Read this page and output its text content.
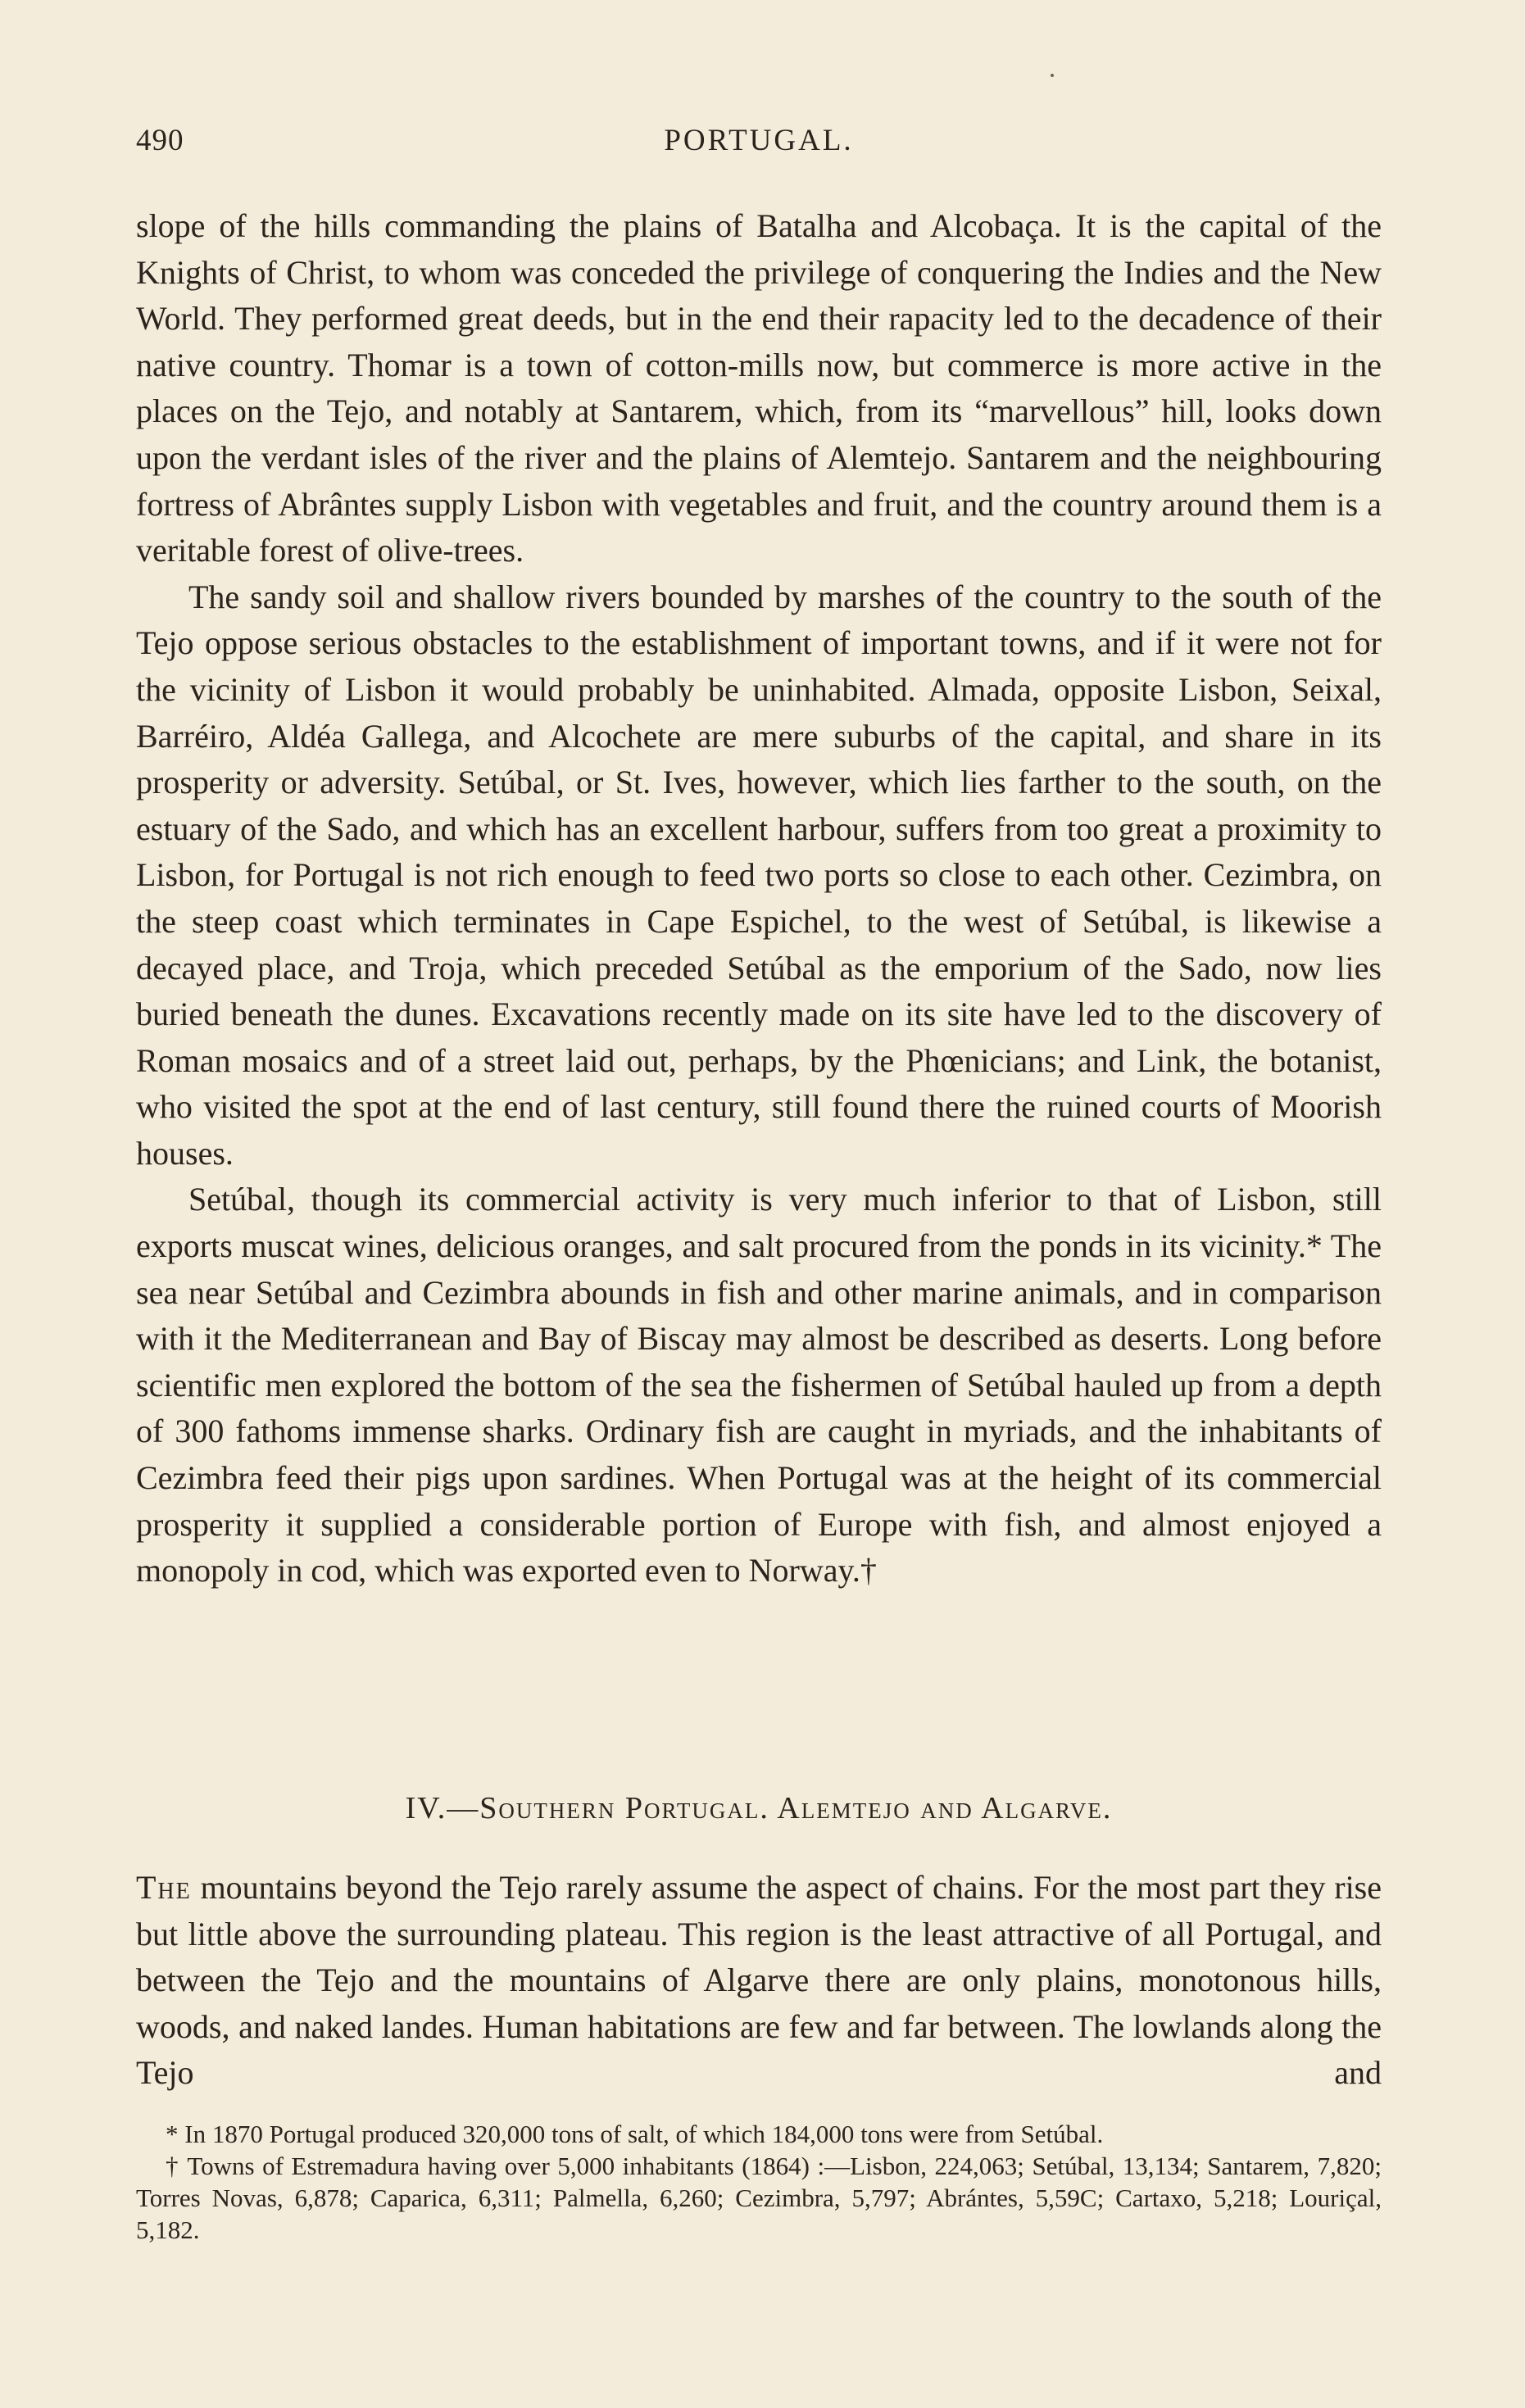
490	PORTUGAL.

slope of the hills commanding the plains of Batalha and Alcobaça. It is the capital of the Knights of Christ, to whom was conceded the privilege of conquering the Indies and the New World. They performed great deeds, but in the end their rapacity led to the decadence of their native country. Thomar is a town of cotton-mills now, but commerce is more active in the places on the Tejo, and notably at Santarem, which, from its “marvellous” hill, looks down upon the verdant isles of the river and the plains of Alemtejo. Santarem and the neighbouring fortress of Abrântes supply Lisbon with vegetables and fruit, and the country around them is a veritable forest of olive-trees.

The sandy soil and shallow rivers bounded by marshes of the country to the south of the Tejo oppose serious obstacles to the establishment of important towns, and if it were not for the vicinity of Lisbon it would probably be uninhabited. Almada, opposite Lisbon, Seixal, Barréiro, Aldéa Gallega, and Alcochete are mere suburbs of the capital, and share in its prosperity or adversity. Setúbal, or St. Ives, however, which lies farther to the south, on the estuary of the Sado, and which has an excellent harbour, suffers from too great a proximity to Lisbon, for Portugal is not rich enough to feed two ports so close to each other. Cezimbra, on the steep coast which terminates in Cape Espichel, to the west of Setúbal, is likewise a decayed place, and Troja, which preceded Setúbal as the emporium of the Sado, now lies buried beneath the dunes. Excavations recently made on its site have led to the discovery of Roman mosaics and of a street laid out, perhaps, by the Phœnicians; and Link, the botanist, who visited the spot at the end of last century, still found there the ruined courts of Moorish houses.

Setúbal, though its commercial activity is very much inferior to that of Lisbon, still exports muscat wines, delicious oranges, and salt procured from the ponds in its vicinity.* The sea near Setúbal and Cezimbra abounds in fish and other marine animals, and in comparison with it the Mediterranean and Bay of Biscay may almost be described as deserts. Long before scientific men explored the bottom of the sea the fishermen of Setúbal hauled up from a depth of 300 fathoms immense sharks. Ordinary fish are caught in myriads, and the inhabitants of Cezimbra feed their pigs upon sardines. When Portugal was at the height of its commercial prosperity it supplied a considerable portion of Europe with fish, and almost enjoyed a monopoly in cod, which was exported even to Norway.†

IV.—Southern Portugal. Alemtejo and Algarve.

The mountains beyond the Tejo rarely assume the aspect of chains. For the most part they rise but little above the surrounding plateau. This region is the least attractive of all Portugal, and between the Tejo and the mountains of Algarve there are only plains, monotonous hills, woods, and naked landes. Human habitations are few and far between. The lowlands along the Tejo and

* In 1870 Portugal produced 320,000 tons of salt, of which 184,000 tons were from Setúbal.

† Towns of Estremadura having over 5,000 inhabitants (1864) :—Lisbon, 224,063; Setúbal, 13,134; Santarem, 7,820; Torres Novas, 6,878; Caparica, 6,311; Palmella, 6,260; Cezimbra, 5,797; Abrántes, 5,59C; Cartaxo, 5,218; Louriçal, 5,182.
